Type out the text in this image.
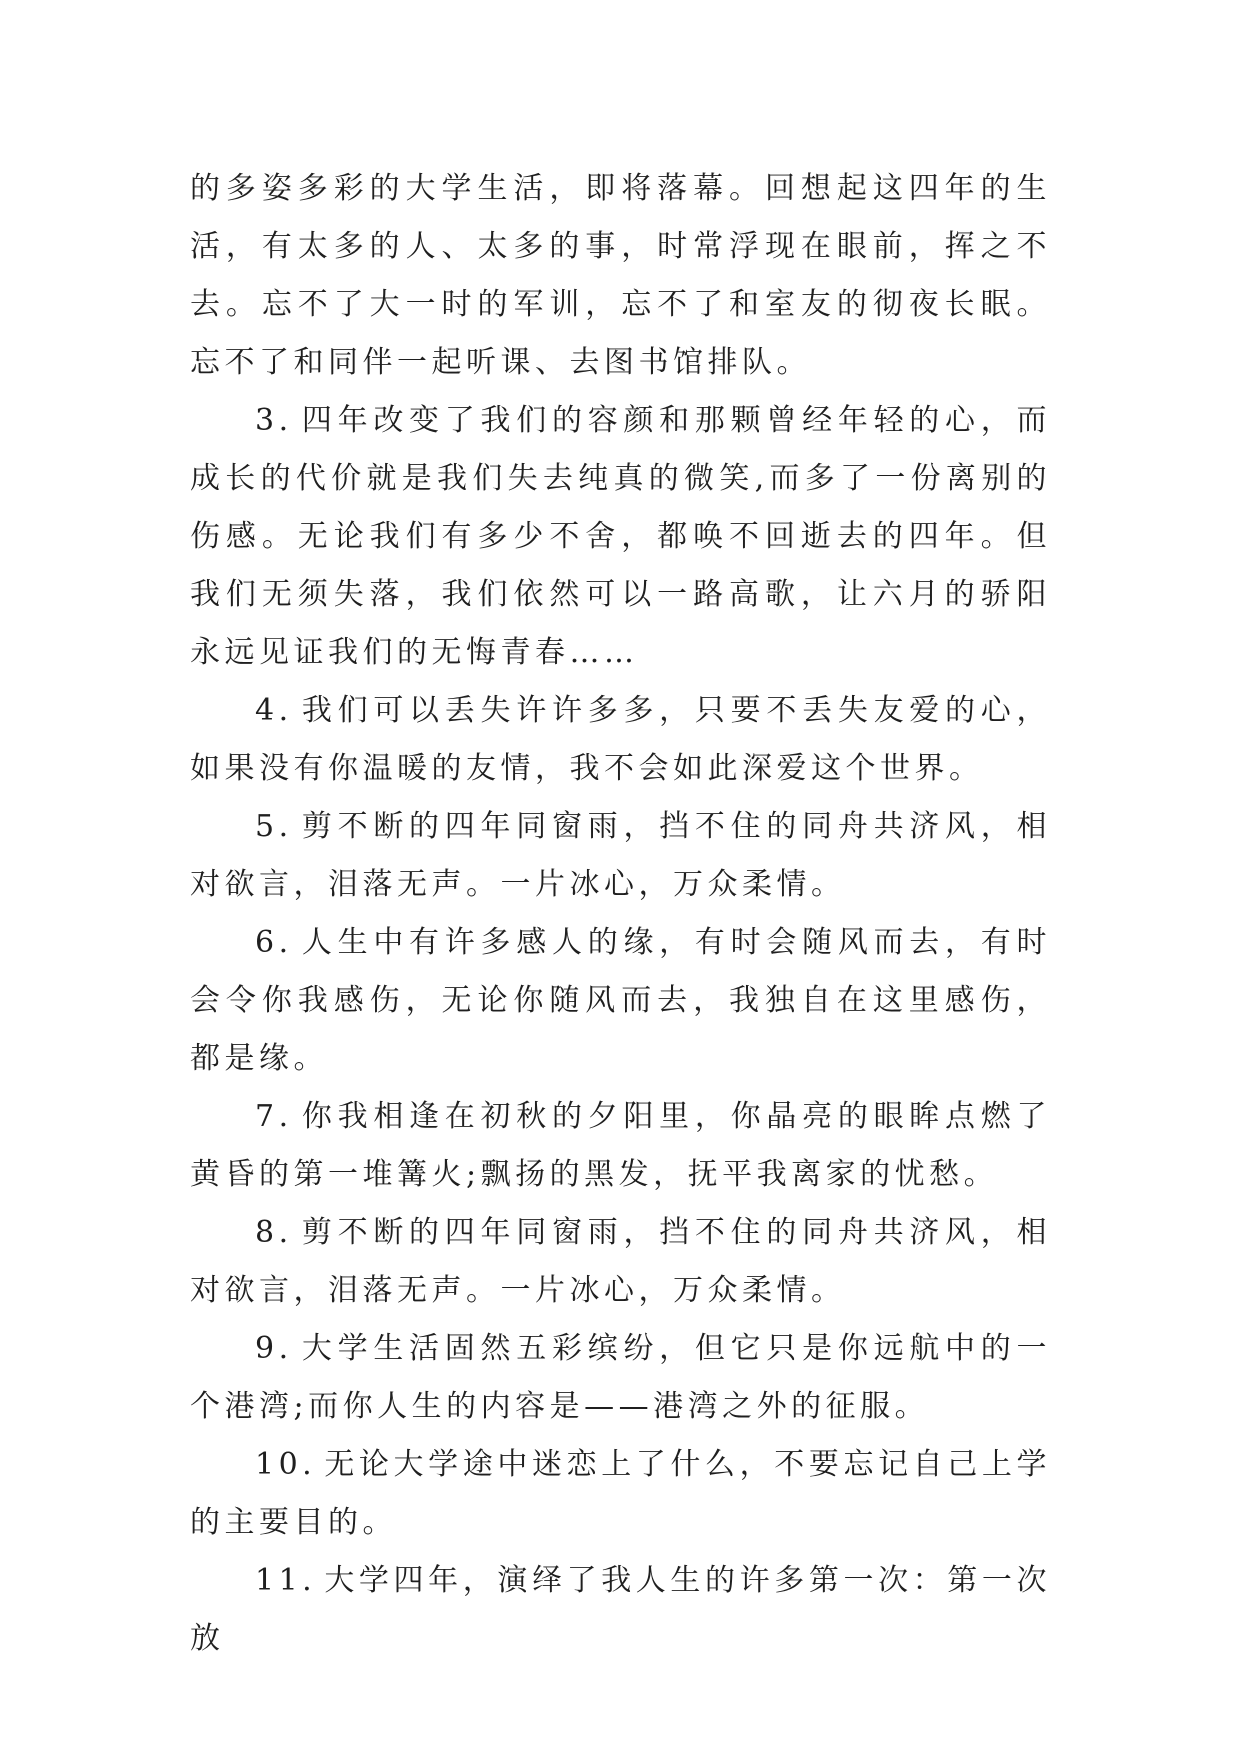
的多姿多彩的大学生活，即将落幕。回想起这四年的生活，有太多的人、太多的事，时常浮现在眼前，挥之不去。忘不了大一时的军训，忘不了和室友的彻夜长眠。忘不了和同伴一起听课、去图书馆排队。

3. 四年改变了我们的容颜和那颗曾经年轻的心，而成长的代价就是我们失去纯真的微笑,而多了一份离别的伤感。无论我们有多少不舍，都唤不回逝去的四年。但我们无须失落，我们依然可以一路高歌，让六月的骄阳永远见证我们的无悔青春……

4. 我们可以丢失许许多多，只要不丢失友爱的心，如果没有你温暖的友情，我不会如此深爱这个世界。

5. 剪不断的四年同窗雨，挡不住的同舟共济风，相对欲言，泪落无声。一片冰心，万众柔情。

6. 人生中有许多感人的缘，有时会随风而去，有时会令你我感伤，无论你随风而去，我独自在这里感伤，都是缘。

7. 你我相逢在初秋的夕阳里，你晶亮的眼眸点燃了黄昏的第一堆篝火;飘扬的黑发，抚平我离家的忧愁。

8. 剪不断的四年同窗雨，挡不住的同舟共济风，相对欲言，泪落无声。一片冰心，万众柔情。

9. 大学生活固然五彩缤纷，但它只是你远航中的一个港湾;而你人生的内容是——港湾之外的征服。

10. 无论大学途中迷恋上了什么，不要忘记自己上学的主要目的。

11. 大学四年，演绎了我人生的许多第一次：第一次放
